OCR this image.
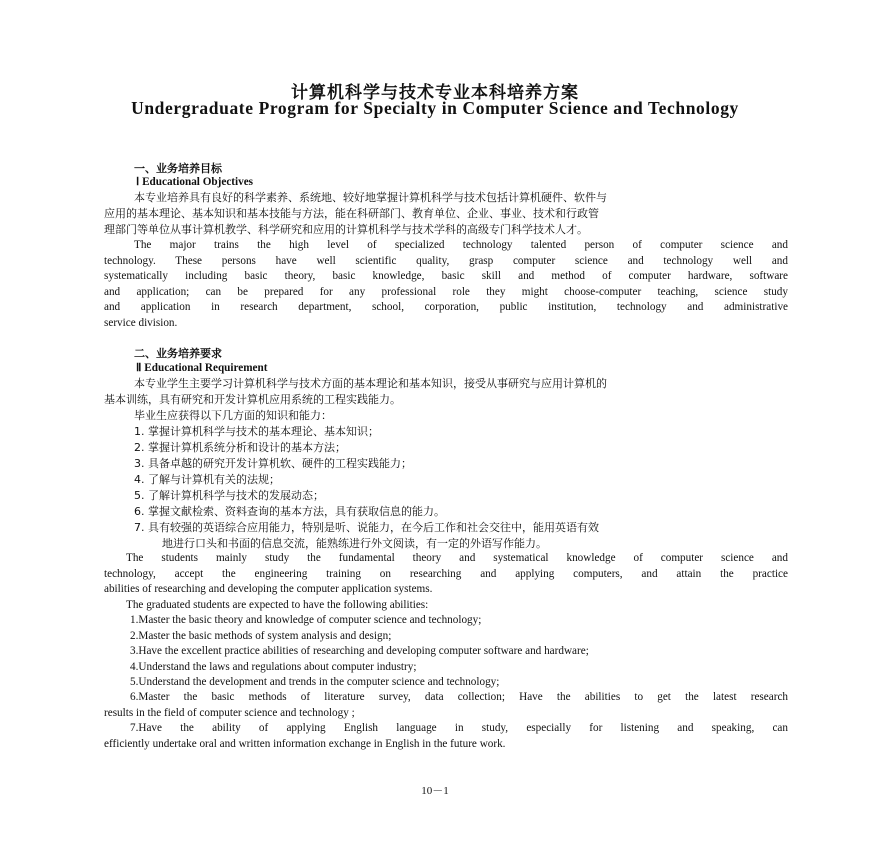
计算机科学与技术专业本科培养方案
Undergraduate Program for Specialty in Computer Science and Technology
一、业务培养目标
Ⅰ Educational Objectives
本专业培养具有良好的科学素养、系统地、较好地掌握计算机科学与技术包括计算机硬件、软件与
应用的基本理论、基本知识和基本技能与方法，能在科研部门、教育单位、企业、事业、技术和行政管
理部门等单位从事计算机教学、科学研究和应用的计算机科学与技术学科的高级专门科学技术人才。
The major trains the high level of specialized technology talented person of computer science and
technology. These persons have well scientific quality, grasp computer science and technology well and
systematically including basic theory, basic knowledge, basic skill and method of computer hardware, software
and application; can be prepared for any professional role they might choose-computer teaching, science study
and application in research department, school, corporation, public institution, technology and administrative
service division.
二、业务培养要求
Ⅱ Educational Requirement
本专业学生主要学习计算机科学与技术方面的基本理论和基本知识，接受从事研究与应用计算机的
基本训练，具有研究和开发计算机应用系统的工程实践能力。
毕业生应获得以下几方面的知识和能力：
1. 掌握计算机科学与技术的基本理论、基本知识；
2. 掌握计算机系统分析和设计的基本方法；
3. 具备卓越的研究开发计算机软、硬件的工程实践能力；
4. 了解与计算机有关的法规；
5. 了解计算机科学与技术的发展动态；
6. 掌握文献检索、资料查询的基本方法，具有获取信息的能力。
7. 具有较强的英语综合应用能力，特别是听、说能力，在今后工作和社会交往中，能用英语有效
地进行口头和书面的信息交流，能熟练进行外文阅读，有一定的外语写作能力。
The students mainly study the fundamental theory and systematical knowledge of computer science and
technology, accept the engineering training on researching and applying computers, and attain the practice
abilities of researching and developing the computer application systems.
The graduated students are expected to have the following abilities:
1.Master the basic theory and knowledge of computer science and technology;
2.Master the basic methods of system analysis and design;
3.Have the excellent practice abilities of researching and developing computer software and hardware;
4.Understand the laws and regulations about computer industry;
5.Understand the development and trends in the computer science and technology;
6.Master the basic methods of literature survey, data collection; Have the abilities to get the latest research
results in the field of computer science and technology ;
7.Have the ability of applying English language in study, especially for listening and speaking, can
efficiently undertake oral and written information exchange in English in the future work.
10－1
